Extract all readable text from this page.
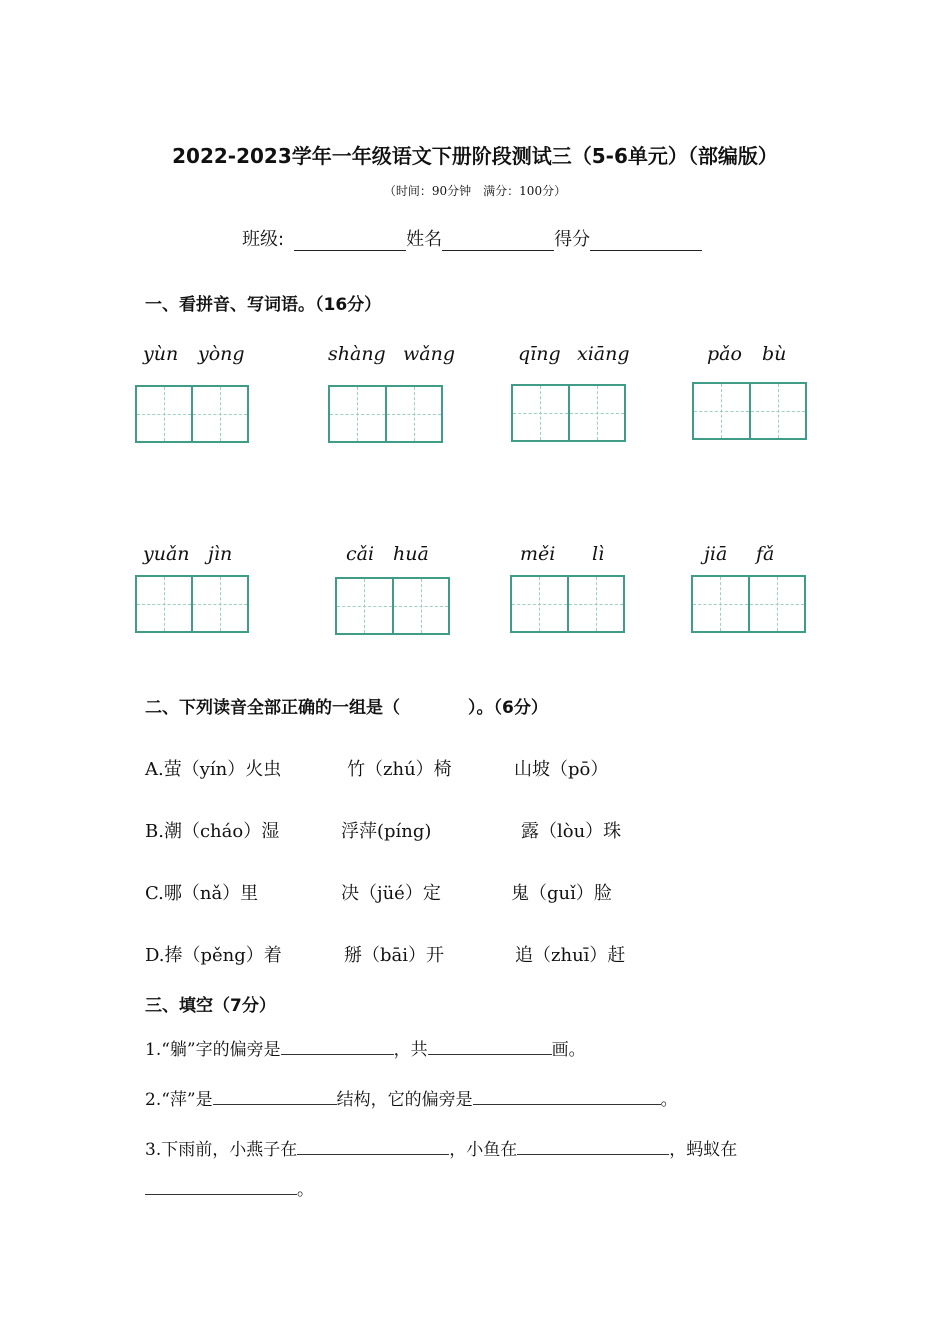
2022-2023学年一年级语文下册阶段测试三（5-6单元）（部编版）
（时间：90分钟　满分：100分）
班级:	姓名	得分
一、看拼音、写词语。（16分）
yùn yòng	shàng wǎng	qīng xiāng	pǎo bù
yuǎn jìn	cǎi huā	měi lì	jiā fǎ
二、下列读音全部正确的一组是（　　　　）。（6分）
A.萤（yín）火虫	竹（zhú）椅	山坡（pō）
B.潮（cháo）湿	浮萍(píng)	露（lòu）珠
C.哪（nǎ）里	决（jüé）定	鬼（guǐ）脸
D.捧（pěng）着	掰（bāi）开	追（zhuī）赶
三、填空（7分）
1.“躺”字的偏旁是	，共	画。
2.“萍”是	结构，它的偏旁是	。
3.下雨前，小燕子在	，小鱼在	，蚂蚁在
。
